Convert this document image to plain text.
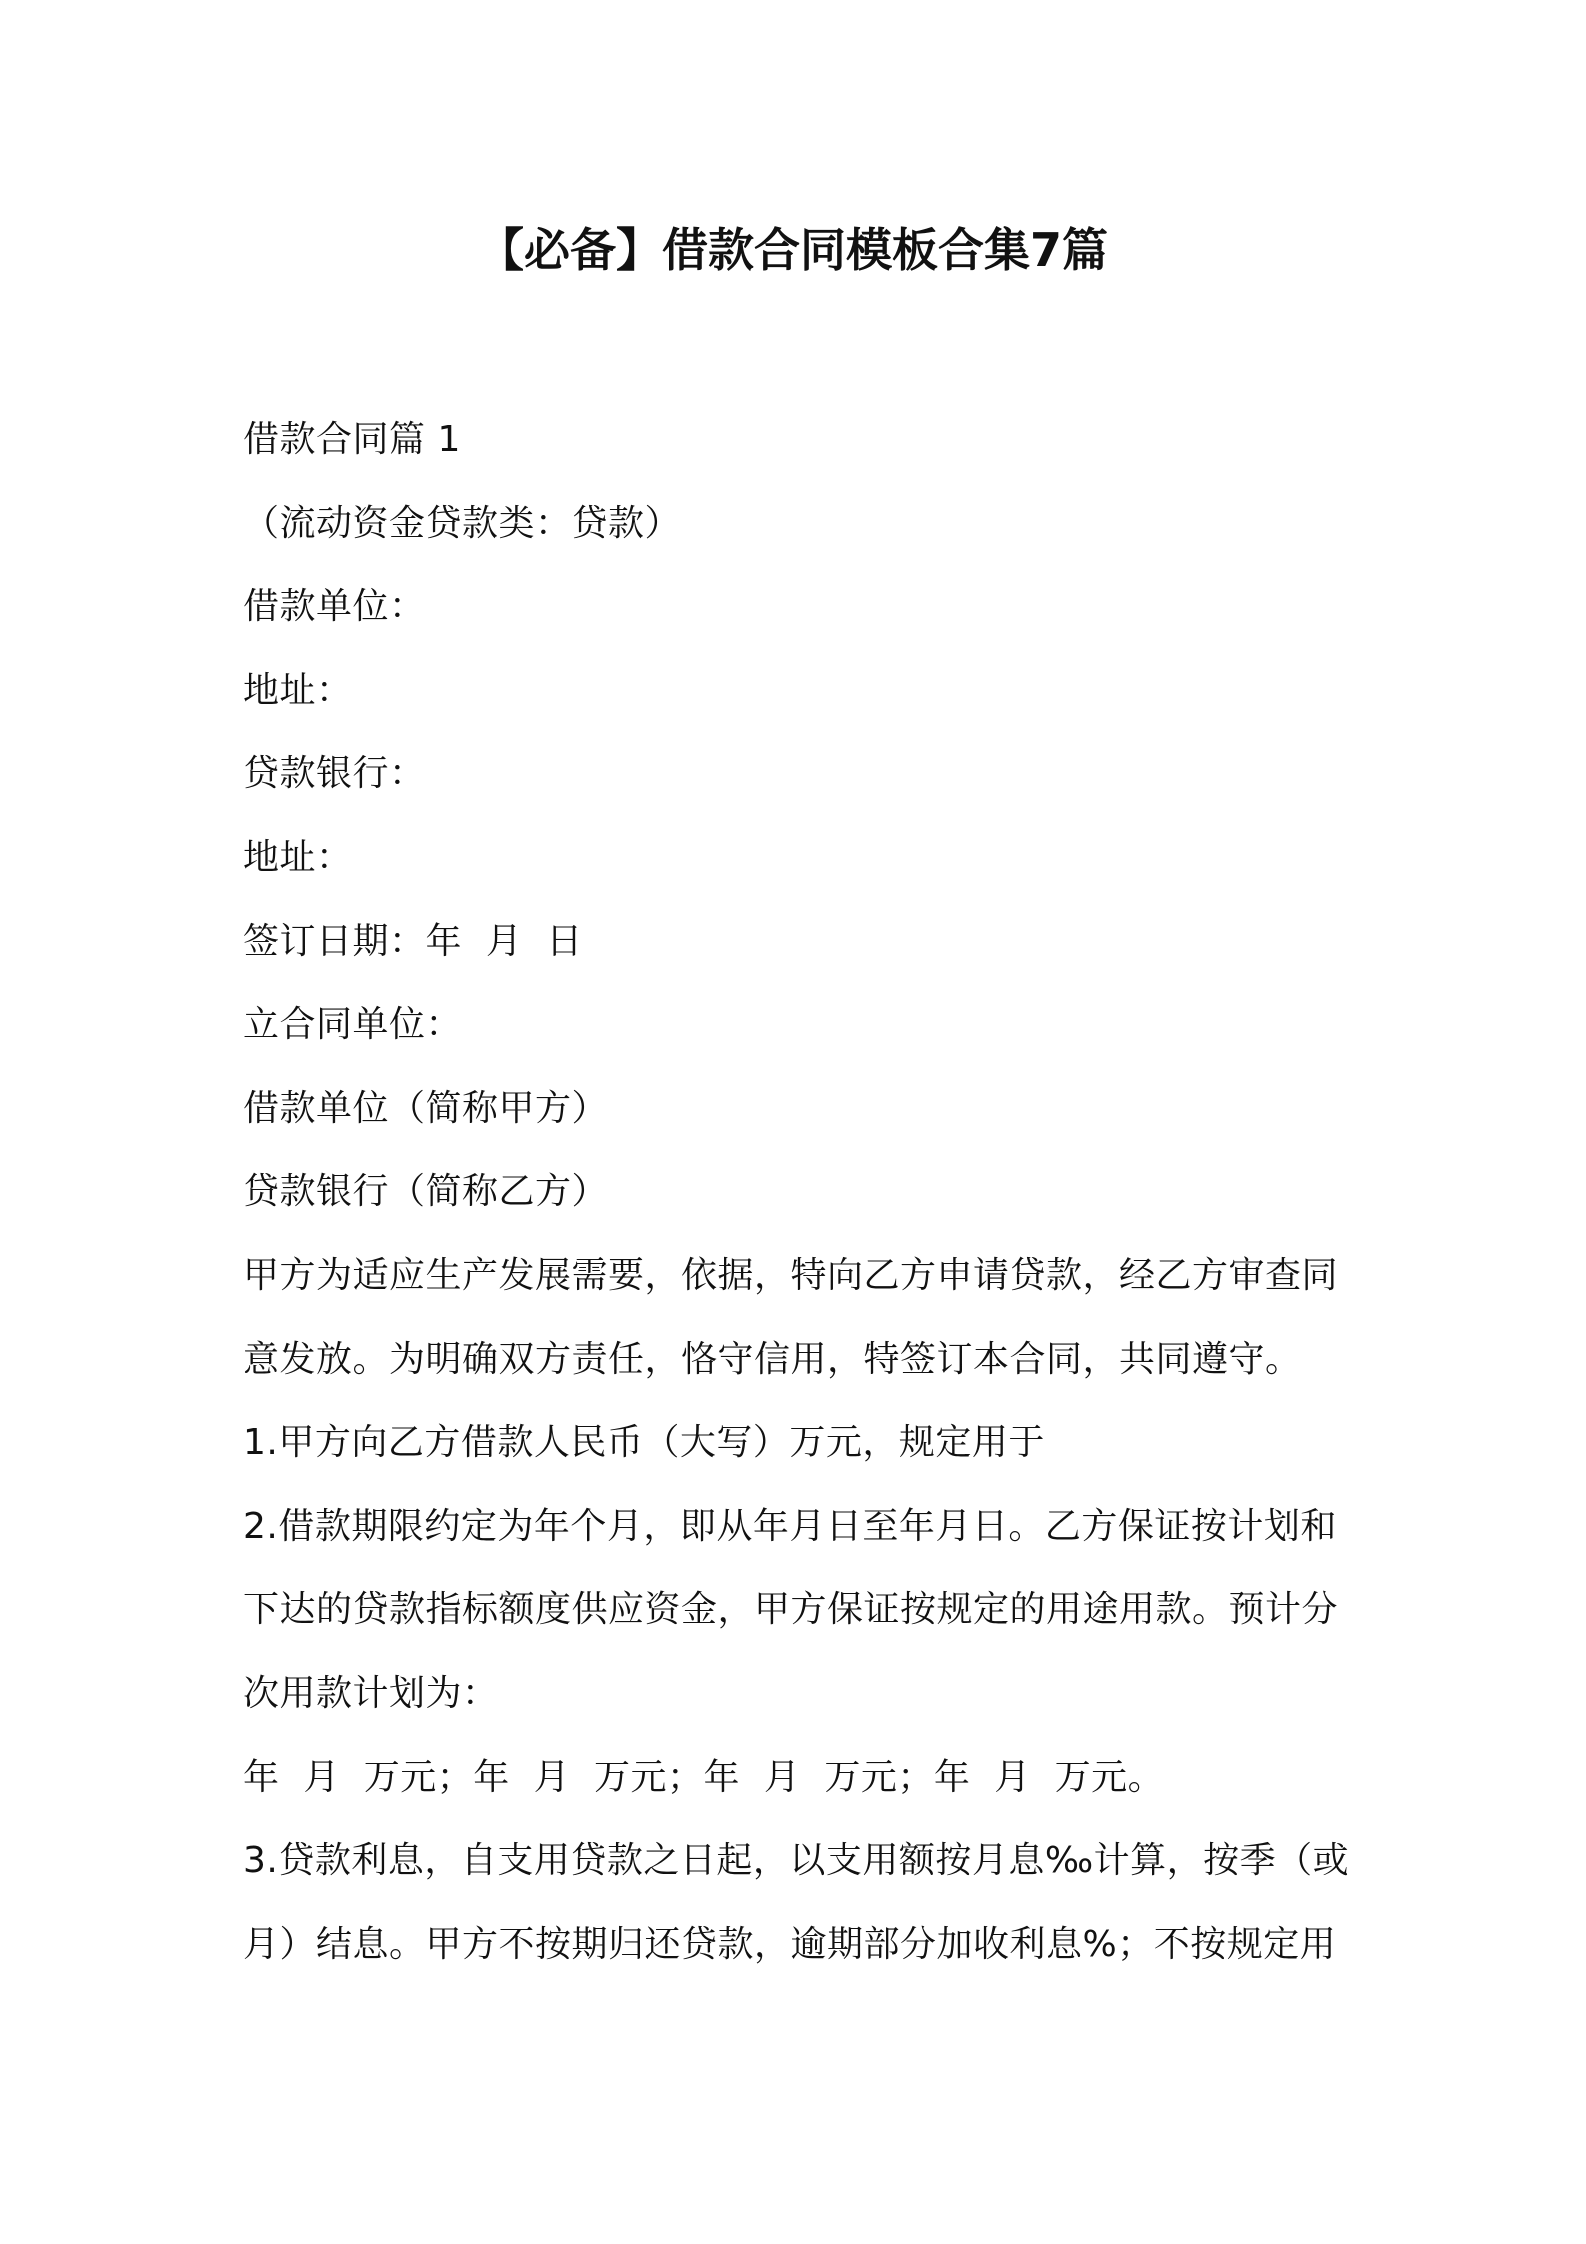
【必备】借款合同模板合集7篇
借款合同篇 1
（流动资金贷款类：贷款）
借款单位：
地址：
贷款银行：
地址：
签订日期：年  月  日
立合同单位：
借款单位（简称甲方）
贷款银行（简称乙方）
甲方为适应生产发展需要，依据，特向乙方申请贷款，经乙方审查同
意发放。为明确双方责任，恪守信用，特签订本合同，共同遵守。
1.甲方向乙方借款人民币（大写）万元，规定用于
2.借款期限约定为年个月，即从年月日至年月日。乙方保证按计划和
下达的贷款指标额度供应资金，甲方保证按规定的用途用款。预计分
次用款计划为：
年  月  万元；年  月  万元；年  月  万元；年  月  万元。
3.贷款利息，自支用贷款之日起，以支用额按月息‰计算，按季（或
月）结息。甲方不按期归还贷款，逾期部分加收利息%；不按规定用
